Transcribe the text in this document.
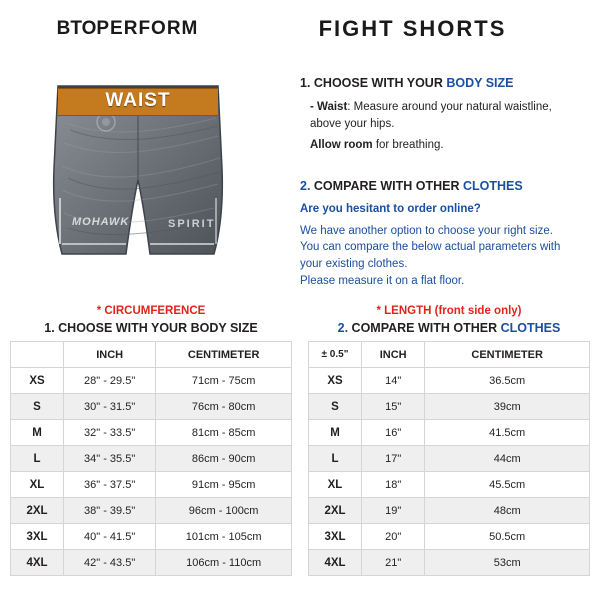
BTOPERFORM	FIGHT SHORTS
WAIST
MOHAWK	SPIRIT
1. CHOOSE WITH YOUR BODY SIZE
- Waist: Measure around your natural waistline, above your hips.
Allow room for breathing.
2. COMPARE WITH OTHER CLOTHES
Are you hesitant to order online?

We have another option to choose your right size.

You can compare the below actual parameters with your existing clothes.

Please measure it on a flat floor.

* CIRCUMFERENCE
1. CHOOSE WITH YOUR BODY SIZE
	INCH	CENTIMETER
XS	28" - 29.5"	71cm - 75cm
S	30" - 31.5"	76cm - 80cm
M	32" - 33.5"	81cm - 85cm
L	34" - 35.5"	86cm - 90cm
XL	36" - 37.5"	91cm - 95cm
2XL	38" - 39.5"	96cm - 100cm
3XL	40" - 41.5"	101cm - 105cm
4XL	42" - 43.5"	106cm - 110cm
* LENGTH (front side only)
2. COMPARE WITH OTHER CLOTHES
± 0.5"	INCH	CENTIMETER
XS	14"	36.5cm
S	15"	39cm
M	16"	41.5cm
L	17"	44cm
XL	18"	45.5cm
2XL	19"	48cm
3XL	20"	50.5cm
4XL	21"	53cm
